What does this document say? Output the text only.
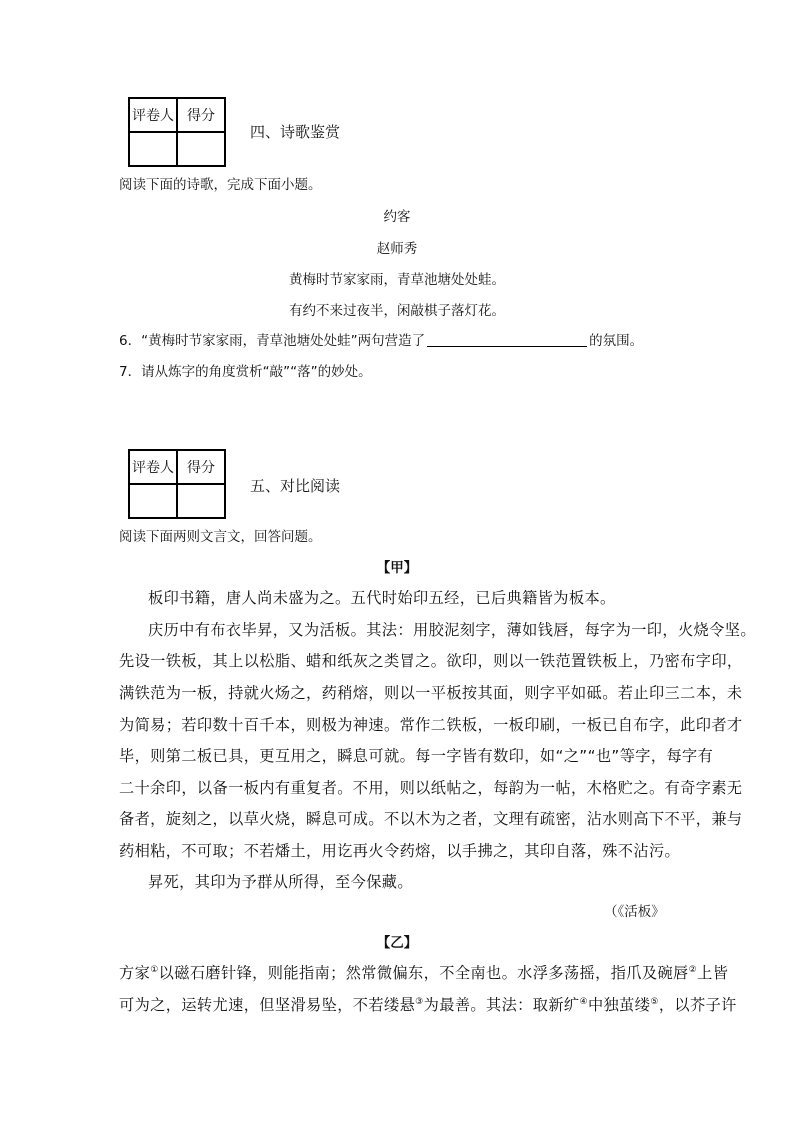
评卷人	得分

四、诗歌鉴赏
阅读下面的诗歌，完成下面小题。
约客
赵师秀
黄梅时节家家雨，青草池塘处处蛙。
有约不来过夜半，闲敲棋子落灯花。
6．“黄梅时节家家雨，青草池塘处处蛙”两句营造了	的氛围。
7．请从炼字的角度赏析“敲”“落”的妙处。
评卷人	得分

五、对比阅读
阅读下面两则文言文，回答问题。
【甲】
板印书籍，唐人尚未盛为之。五代时始印五经，已后典籍皆为板本。
庆历中有布衣毕昇，又为活板。其法：用胶泥刻字，薄如钱唇，每字为一印，火烧令坚。
先设一铁板，其上以松脂、蜡和纸灰之类冒之。欲印，则以一铁范置铁板上，乃密布字印，
满铁范为一板，持就火炀之，药稍熔，则以一平板按其面，则字平如砥。若止印三二本，未
为简易；若印数十百千本，则极为神速。常作二铁板，一板印刷，一板已自布字，此印者才
毕，则第二板已具，更互用之，瞬息可就。每一字皆有数印，如“之”“也”等字，每字有
二十余印，以备一板内有重复者。不用，则以纸帖之，每韵为一帖，木格贮之。有奇字素无
备者，旋刻之，以草火烧，瞬息可成。不以木为之者，文理有疏密，沾水则高下不平，兼与
药相粘，不可取；不若燔土，用讫再火令药熔，以手拂之，其印自落，殊不沾污。
昇死，其印为予群从所得，至今保藏。
（《活板》
【乙】
方家①以磁石磨针锋，则能指南；然常微偏东，不全南也。水浮多荡摇，指爪及碗唇②上皆
可为之，运转尤速，但坚滑易坠，不若缕悬③为最善。其法：取新纩④中独茧缕⑤，以芥子许
